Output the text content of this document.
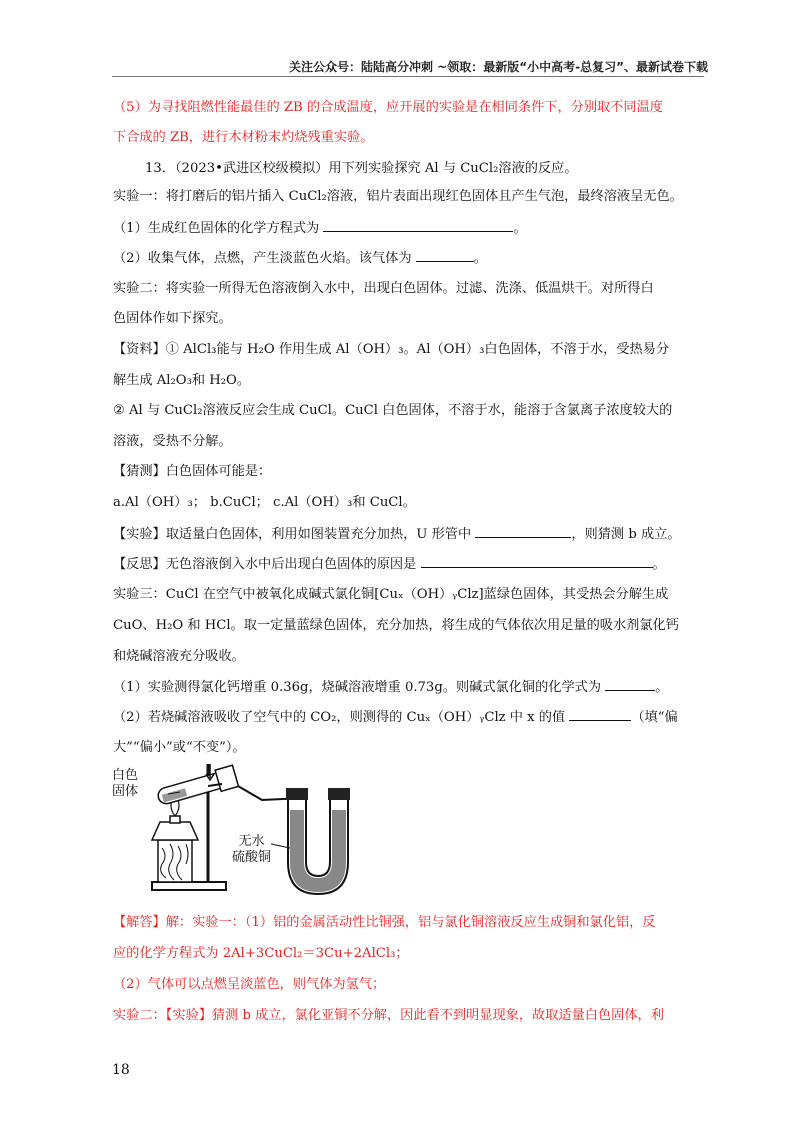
关注公众号：陆陆高分冲刺 ~领取：最新版“小中高考-总复习”、最新试卷下载
（5）为寻找阻燃性能最佳的 ZB 的合成温度，应开展的实验是在相同条件下，分别取不同温度
下合成的 ZB，进行木材粉末灼烧残重实验。
13．（2023•武进区校级模拟）用下列实验探究 Al 与 CuCl₂溶液的反应。
实验一：将打磨后的铝片插入 CuCl₂溶液，铝片表面出现红色固体且产生气泡，最终溶液呈无色。
（1）生成红色固体的化学方程式为	。
（2）收集气体，点燃，产生淡蓝色火焰。该气体为	。
实验二：将实验一所得无色溶液倒入水中，出现白色固体。过滤、洗涤、低温烘干。对所得白
色固体作如下探究。
【资料】① AlCl₃能与 H₂O 作用生成 Al（OH）₃。Al（OH）₃白色固体，不溶于水，受热易分
解生成 Al₂O₃和 H₂O。
② Al 与 CuCl₂溶液反应会生成 CuCl。CuCl 白色固体，不溶于水，能溶于含氯离子浓度较大的
溶液，受热不分解。
【猜测】白色固体可能是：
a.Al（OH）₃； b.CuCl； c.Al（OH）₃和 CuCl。
【实验】取适量白色固体，利用如图装置充分加热，U 形管中	，则猜测 b 成立。
【反思】无色溶液倒入水中后出现白色固体的原因是	。
实验三：CuCl 在空气中被氧化成碱式氯化铜[Cuₓ（OH）ᵧClz]蓝绿色固体，其受热会分解生成
CuO、H₂O 和 HCl。取一定量蓝绿色固体，充分加热，将生成的气体依次用足量的吸水剂氯化钙
和烧碱溶液充分吸收。
（1）实验测得氯化钙增重 0.36g，烧碱溶液增重 0.73g。则碱式氯化铜的化学式为	。
（2）若烧碱溶液吸收了空气中的 CO₂，则测得的 Cuₓ（OH）ᵧClz 中 x 的值	（填“偏
大”“偏小”或“不变”）。
【解答】解：实验一：（1）铝的金属活动性比铜强，铝与氯化铜溶液反应生成铜和氯化铝，反
应的化学方程式为 2Al+3CuCl₂＝3Cu+2AlCl₃；
（2）气体可以点燃呈淡蓝色，则气体为氢气；
实验二：【实验】猜测 b 成立，氯化亚铜不分解，因此看不到明显现象，故取适量白色固体，利
白色
固体
无水
硫酸铜
18
